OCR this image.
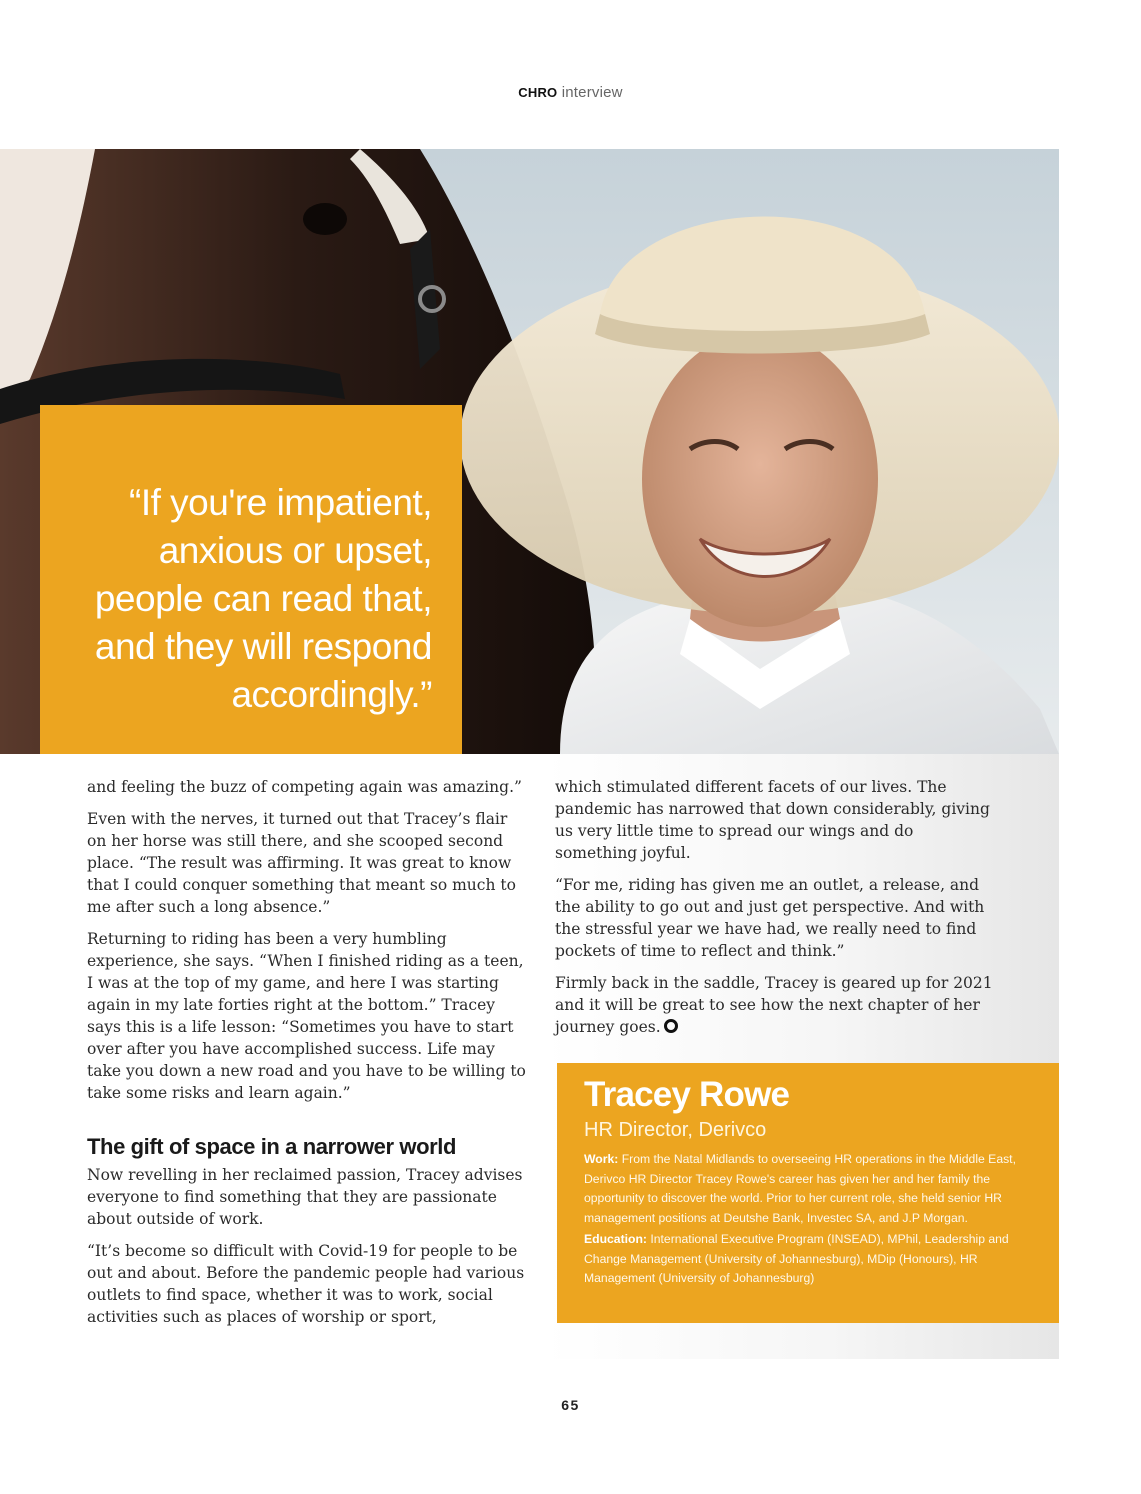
CHRO interview

“If you're impatient,

anxious or upset,

people can read that,

and they will respond

accordingly.”

and feeling the buzz of competing again was amazing.”

Even with the nerves, it turned out that Tracey’s flair on her horse was still there, and she scooped second place. “The result was affirming. It was great to know that I could conquer something that meant so much to me after such a long absence.”

Returning to riding has been a very humbling experience, she says. “When I finished riding as a teen, I was at the top of my game, and here I was starting again in my late forties right at the bottom.” Tracey says this is a life lesson: “Sometimes you have to start over after you have accomplished success. Life may take you down a new road and you have to be willing to take some risks and learn again.”

The gift of space in a narrower world

Now revelling in her reclaimed passion, Tracey advises everyone to find something that they are passionate about outside of work.

“It’s become so difficult with Covid-19 for people to be out and about. Before the pandemic people had various outlets to find space, whether it was to work, social activities such as places of worship or sport,

which stimulated different facets of our lives. The pandemic has narrowed that down considerably, giving us very little time to spread our wings and do something joyful.

“For me, riding has given me an outlet, a release, and the ability to go out and just get perspective. And with the stressful year we have had, we really need to find pockets of time to reflect and think.”

Firmly back in the saddle, Tracey is geared up for 2021 and it will be great to see how the next chapter of her journey goes.

Tracey Rowe

HR Director, Derivco

Work: From the Natal Midlands to overseeing HR operations in the Middle East, Derivco HR Director Tracey Rowe's career has given her and her family the opportunity to discover the world. Prior to her current role, she held senior HR management positions at Deutshe Bank, Investec SA, and J.P Morgan.

Education: International Executive Program (INSEAD), MPhil, Leadership and Change Management (University of Johannesburg), MDip (Honours), HR Management (University of Johannesburg)

65
